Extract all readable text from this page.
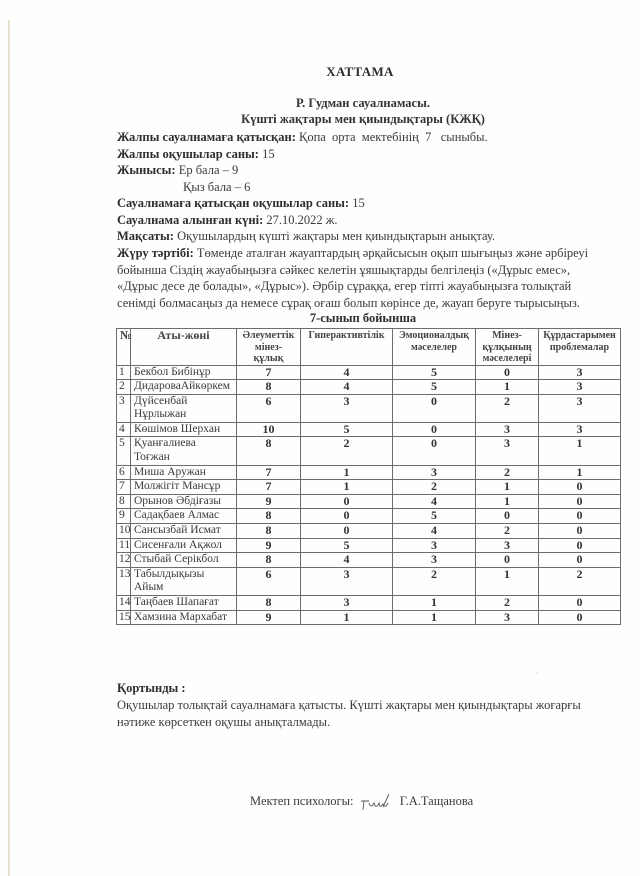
ХАТТАМА
Р. Гудман сауалнамасы.
Күшті жақтары мен қиындықтары (КЖҚ)
Жалпы сауалнамаға қатысқан: Қопа  орта  мектебінің  7   сыныбы.
Жалпы оқушылар саны: 15
Жынысы: Ер бала – 9
Қыз бала – 6
Сауалнамаға қатысқан оқушылар саны: 15
Сауалнама алынған күні: 27.10.2022 ж.
Мақсаты: Оқушылардың күшті жақтары мен қиындықтарын анықтау.
Жүру тәртібі: Төменде аталған жауаптардың әрқайсысын оқып шығыңыз және әрбіреуі бойынша Сіздің жауабыңызға сәйкес келетін ұяшықтарды белгілеңіз («Дұрыс емес», «Дұрыс десе де болады», «Дұрыс»). Әрбір сұраққа, егер тіпті жауабыңызға толықтай сенімді болмасаңыз да немесе сұрақ оғаш болып көрінсе де, жауап беруге тырысыңыз.
7-сынып бойынша
№	Аты-жөні	Әлеуметтік мінез-құлық	Гиперактивтілік	Эмоционалдық мәселелер	Мінез-құлқының мәселелері	Құрдастарымен проблемалар
1	Бекбол Бибінұр	7	4	5	0	3
2	ДидароваАйкөркем	8	4	5	1	3
3	Дүйсенбай Нұрлыжан	6	3	0	2	3
4	Көшімов Шерхан	10	5	0	3	3
5	Қуанғалиева Тоғжан	8	2	0	3	1
6	Миша Аружан	7	1	3	2	1
7	Молжігіт Мансұр	7	1	2	1	0
8	Орынов Әбдіғазы	9	0	4	1	0
9	Садақбаев Алмас	8	0	5	0	0
10	Сансызбай Исмат	8	0	4	2	0
11	Сисенғали Ақжол	9	5	3	3	0
12	Стыбай Серікбол	8	4	3	0	0
13	Табылдықызы Айым	6	3	2	1	2
14	Таңбаев Шапағат	8	3	1	2	0
15	Хамзина Мархабат	9	1	1	3	0
Қортынды :
Оқушылар толықтай сауалнамаға қатысты. Күшті жақтары мен қиындықтары жоғарғы нәтиже көрсеткен оқушы анықталмады.
Мектеп психологы:	Г.А.Тащанова
›
'
